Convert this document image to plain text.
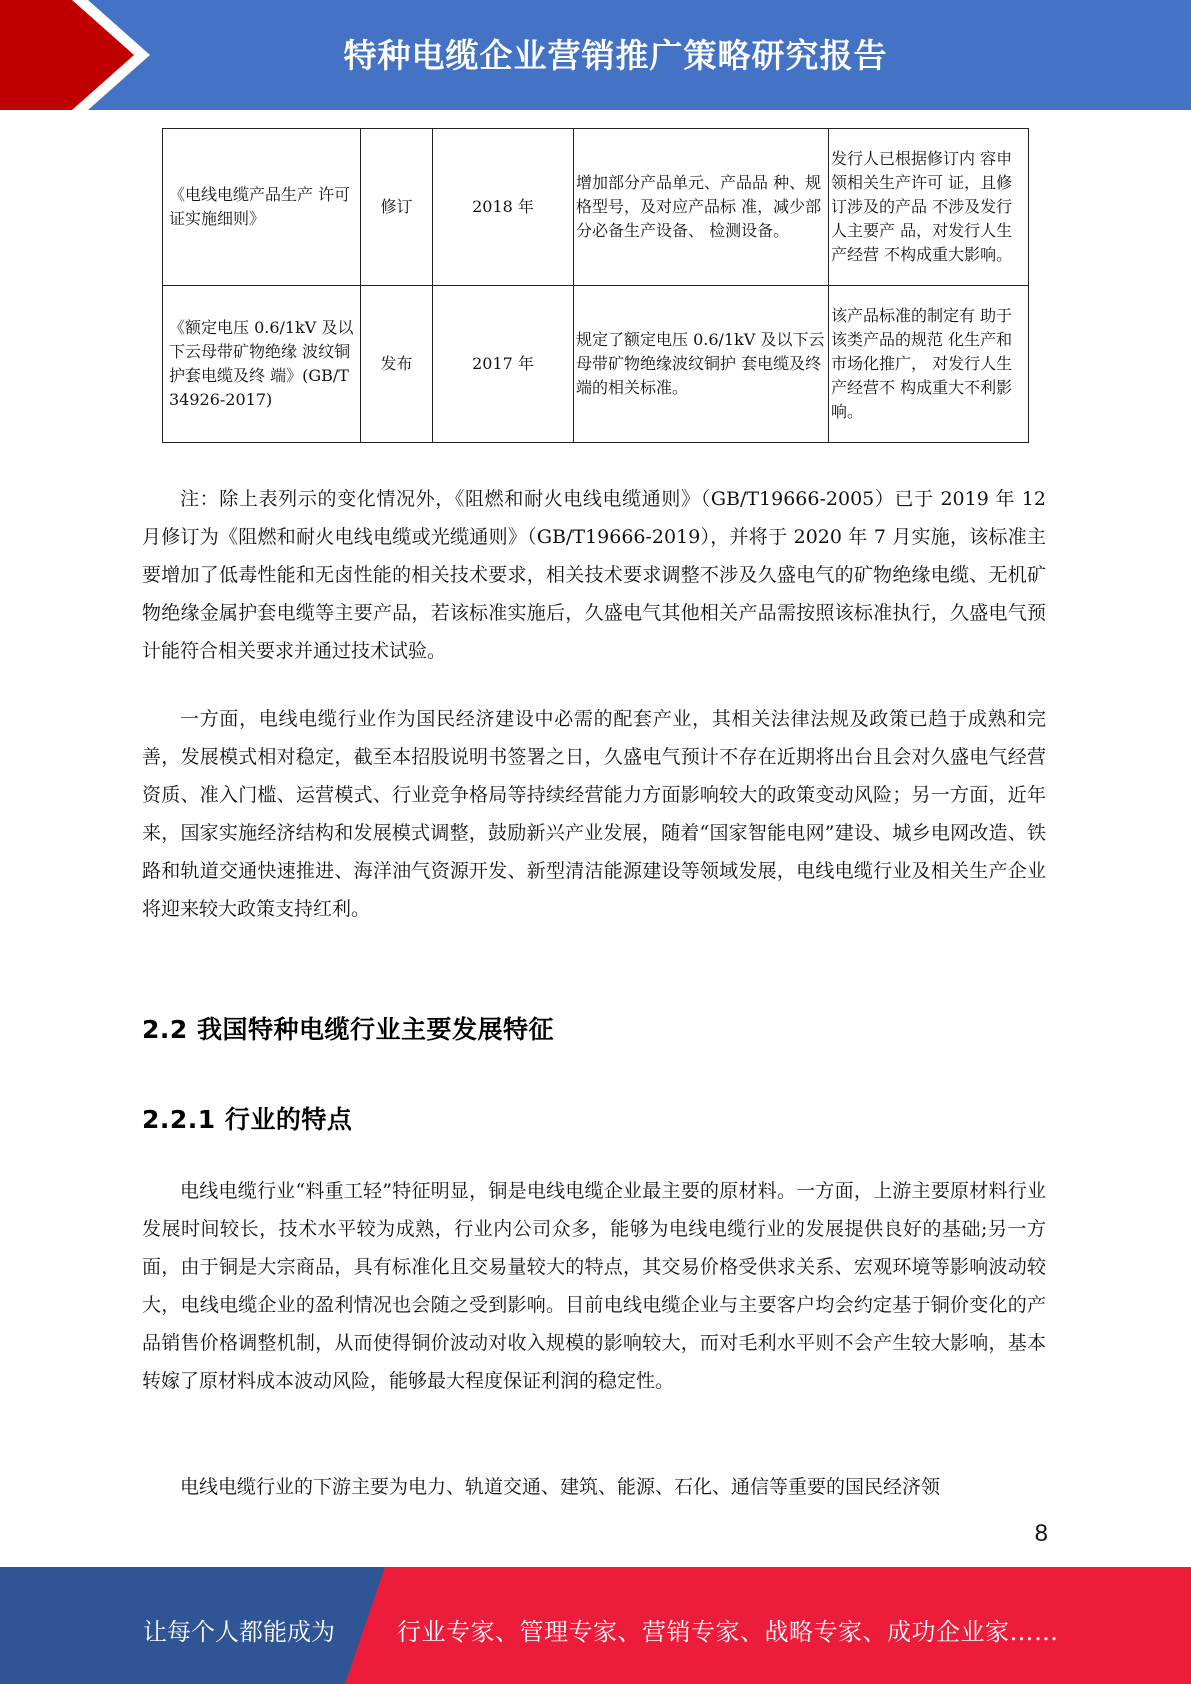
特种电缆企业营销推广策略研究报告
《电线电缆产品生产 许可证实施细则》	修订	2018 年	增加部分产品单元、产品品 种、规格型号，及对应产品标 准，减少部分必备生产设备、 检测设备。	发行人已根据修订内 容申领相关生产许可 证，且修订涉及的产品 不涉及发行人主要产 品，对发行人生产经营 不构成重大影响。
《额定电压 0.6/1kV 及以下云母带矿物绝缘 波纹铜护套电缆及终 端》(GB/T 34926-2017)	发布	2017 年	规定了额定电压 0.6/1kV 及以下云母带矿物绝缘波纹铜护 套电缆及终端的相关标准。	该产品标准的制定有 助于该类产品的规范 化生产和市场化推广， 对发行人生产经营不 构成重大不利影响。

注：除上表列示的变化情况外，《阻燃和耐火电线电缆通则》（GB/T19666-2005）已于 2019 年 12 月修订为《阻燃和耐火电线电缆或光缆通则》（GB/T19666-2019），并将于 2020 年 7 月实施，该标准主要增加了低毒性能和无卤性能的相关技术要求，相关技术要求调整不涉及久盛电气的矿物绝缘电缆、无机矿物绝缘金属护套电缆等主要产品，若该标准实施后，久盛电气其他相关产品需按照该标准执行，久盛电气预计能符合相关要求并通过技术试验。

一方面，电线电缆行业作为国民经济建设中必需的配套产业，其相关法律法规及政策已趋于成熟和完善，发展模式相对稳定，截至本招股说明书签署之日，久盛电气预计不存在近期将出台且会对久盛电气经营资质、准入门槛、运营模式、行业竞争格局等持续经营能力方面影响较大的政策变动风险；另一方面，近年来，国家实施经济结构和发展模式调整，鼓励新兴产业发展，随着“国家智能电网”建设、城乡电网改造、铁路和轨道交通快速推进、海洋油气资源开发、新型清洁能源建设等领域发展，电线电缆行业及相关生产企业将迎来较大政策支持红利。

2.2 我国特种电缆行业主要发展特征
2.2.1 行业的特点

电线电缆行业“料重工轻”特征明显，铜是电线电缆企业最主要的原材料。一方面，上游主要原材料行业发展时间较长，技术水平较为成熟，行业内公司众多，能够为电线电缆行业的发展提供良好的基础;另一方面，由于铜是大宗商品，具有标准化且交易量较大的特点，其交易价格受供求关系、宏观环境等影响波动较大，电线电缆企业的盈利情况也会随之受到影响。目前电线电缆企业与主要客户均会约定基于铜价变化的产品销售价格调整机制，从而使得铜价波动对收入规模的影响较大，而对毛利水平则不会产生较大影响，基本转嫁了原材料成本波动风险，能够最大程度保证利润的稳定性。

电线电缆行业的下游主要为电力、轨道交通、建筑、能源、石化、通信等重要的国民经济领

8
让每个人都能成为	行业专家、管理专家、营销专家、战略专家、成功企业家……
